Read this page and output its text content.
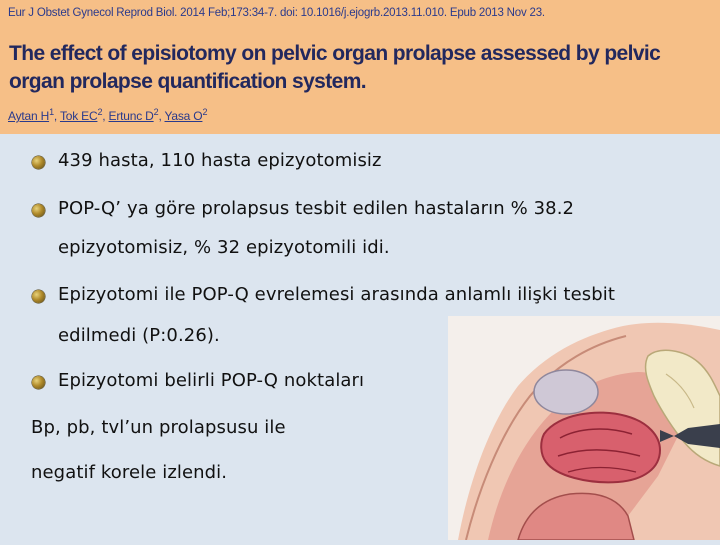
Eur J Obstet Gynecol Reprod Biol. 2014 Feb;173:34-7. doi: 10.1016/j.ejogrb.2013.11.010. Epub 2013 Nov 23.
The effect of episiotomy on pelvic organ prolapse assessed by pelvic organ prolapse quantification system.
Aytan $H^1$, Tok $EC^2$, Ertunc $D^2$, Yasa $O^2$
439 hasta, 110 hasta epizyotomisiz
POP-Q’ ya göre prolapsus tesbit edilen hastaların % 38.2
epizyotomisiz, % 32 epizyotomili idi.
Epizyotomi ile POP-Q evrelemesi arasında anlamlı ilişki tesbit
edilmedi (P:0.26).
Epizyotomi belirli POP-Q noktaları
Bp, pb, tvl’un prolapsusu ile
negatif korele izlendi.
